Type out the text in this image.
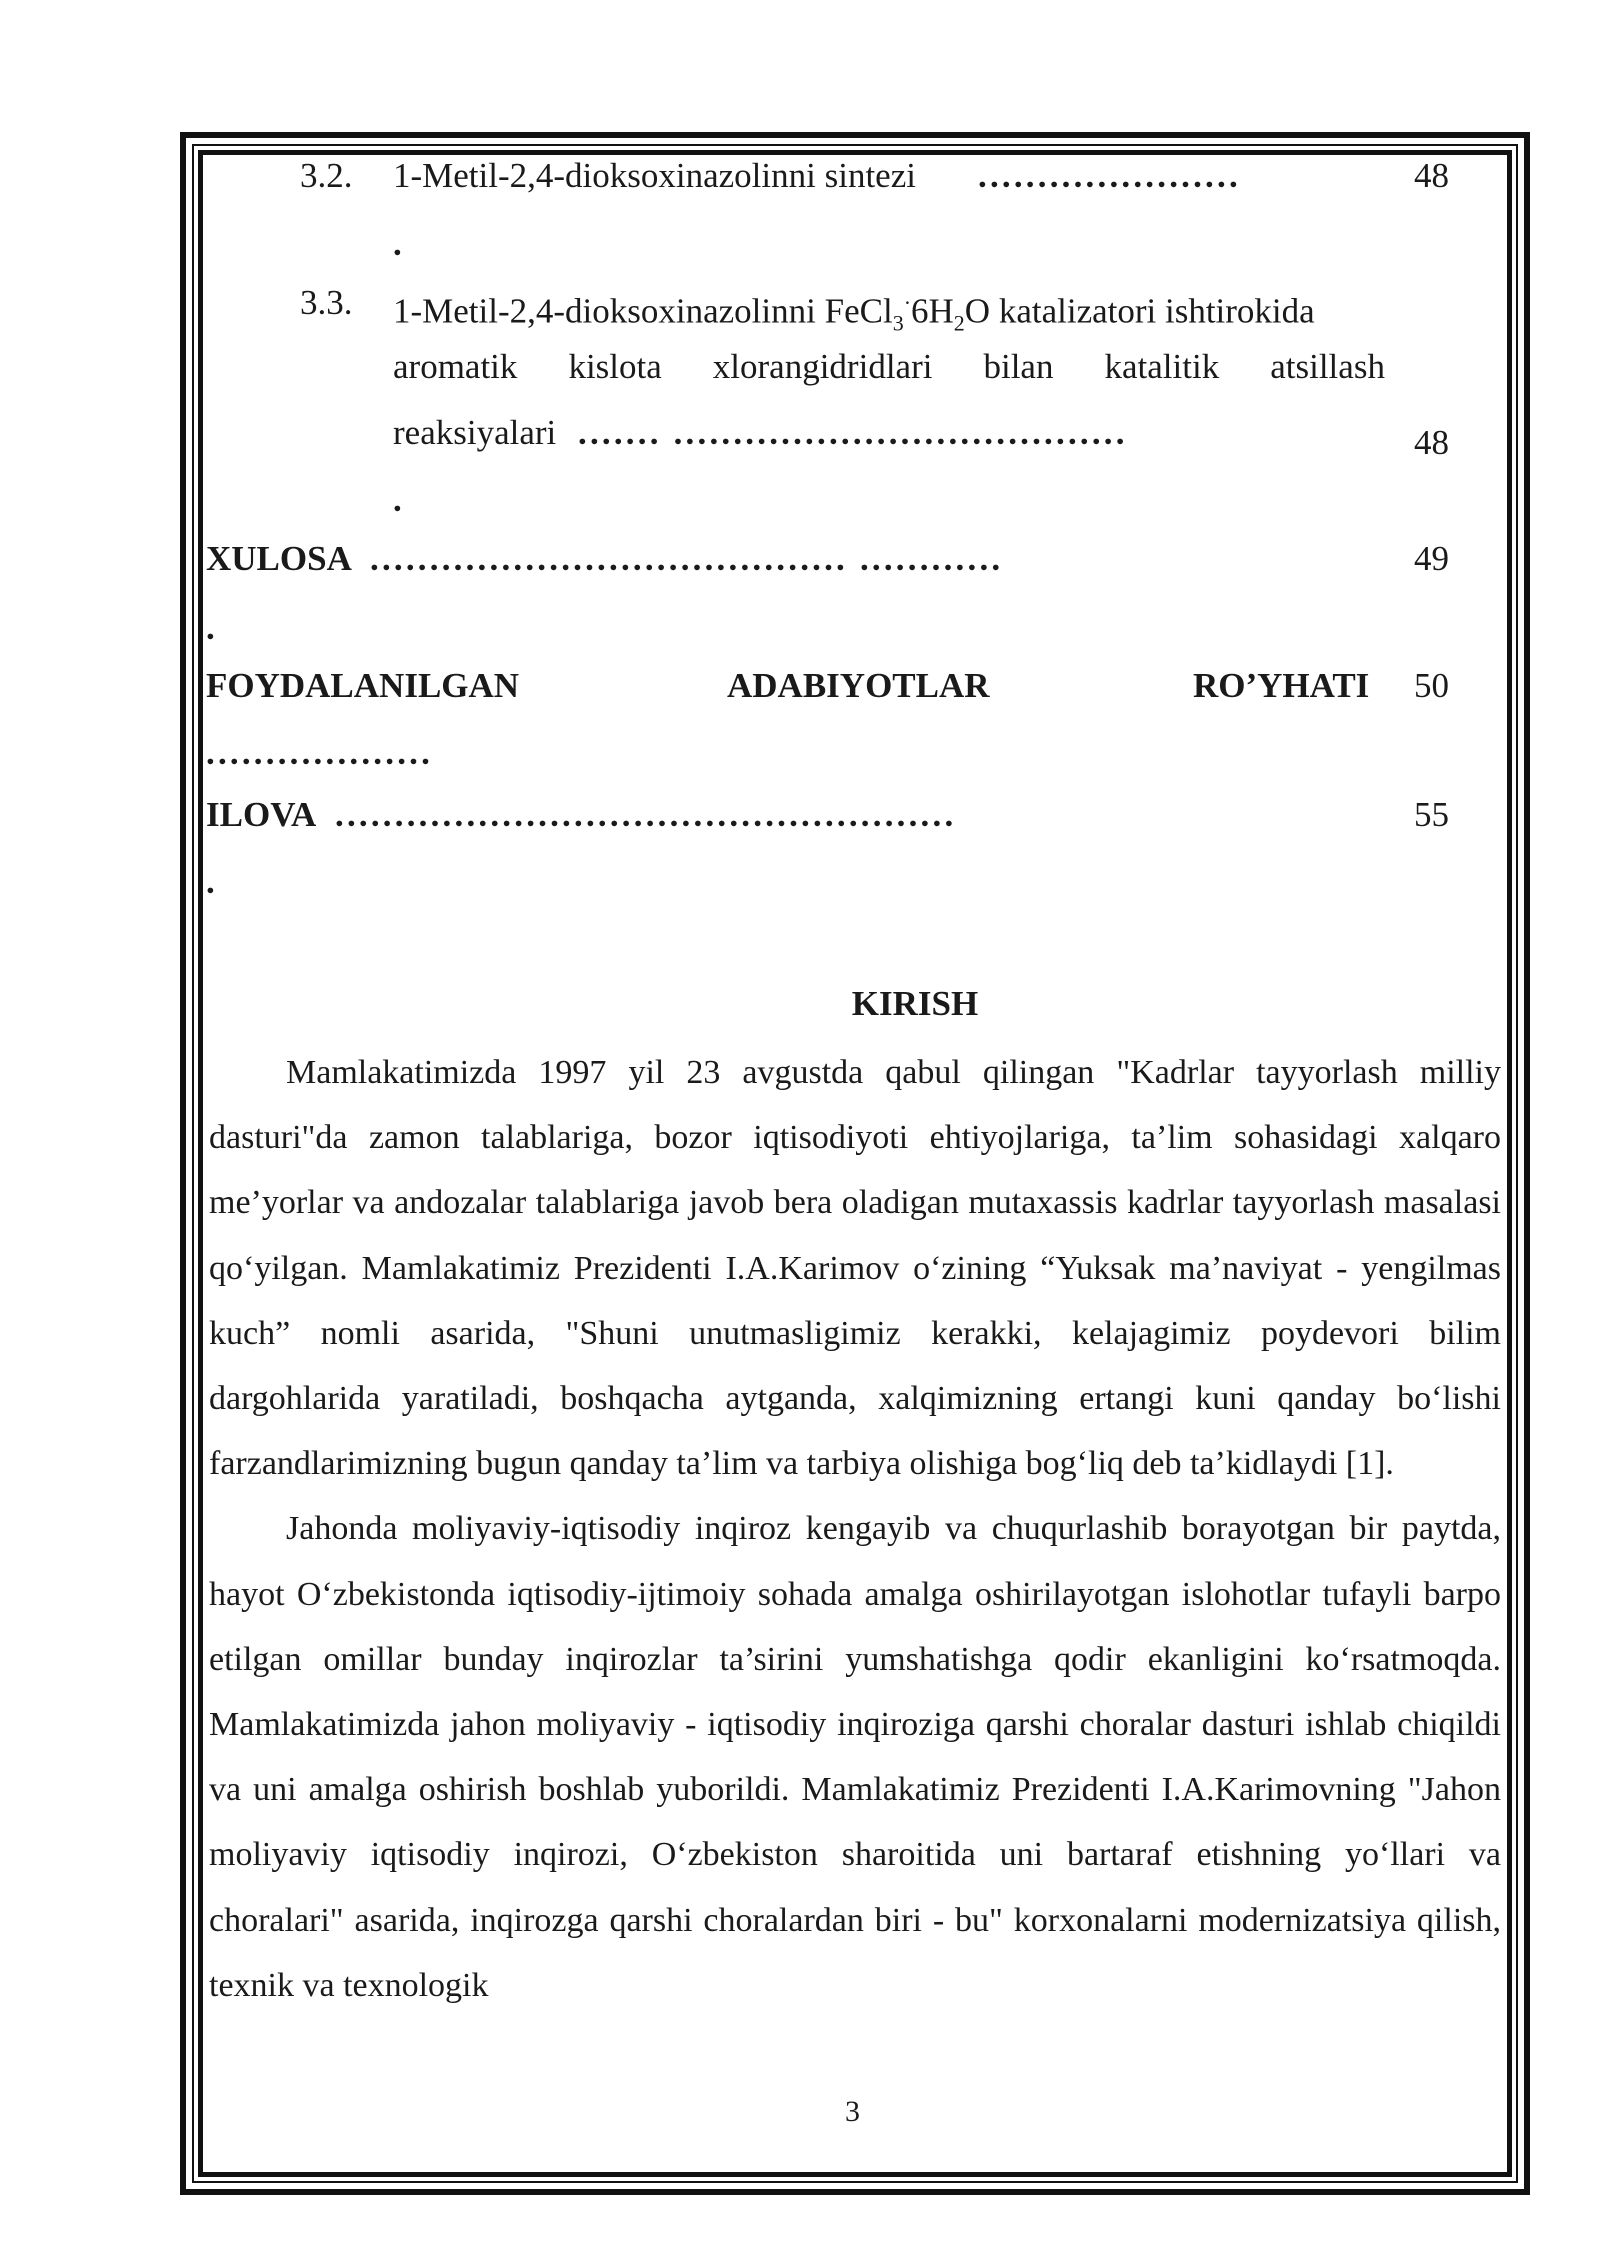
3.2. 1-Metil-2,4-dioksoxinazolinni sintezi ......................
.
48
3.3. 1-Metil-2,4-dioksoxinazolinni $FeCl_3^\cdot 6H_2O$ katalizatori ishtirokida
aromatik kislota xlorangidridlari bilan katalitik atsillash
reaksiyalari ....... ......................................
.
48
XULOSA ........................................ ............
.
49
FOYDALANILGAN	ADABIYOTLAR	RO’YHATI
...................
50
ILOVA ....................................................
.
55
KIRISH

Mamlakatimizda 1997 yil 23 avgustda qabul qilingan "Kadrlar tayyorlash milliy dasturi"da zamon talablariga, bozor iqtisodiyoti ehtiyojlariga, ta’lim sohasidagi xalqaro me’yorlar va andozalar talablariga javob bera oladigan mutaxassis kadrlar tayyorlash masalasi qo‘yilgan. Mamlakatimiz Prezidenti I.A.Karimov o‘zining “Yuksak ma’naviyat - yengilmas kuch” nomli asarida, "Shuni unutmasligimiz kerakki, kelajagimiz poydevori bilim dargohlarida yaratiladi, boshqacha aytganda, xalqimizning ertangi kuni qanday bo‘lishi farzandlarimizning bugun qanday ta’lim va tarbiya olishiga bog‘liq deb ta’kidlaydi [1].

Jahonda moliyaviy-iqtisodiy inqiroz kengayib va chuqurlashib borayotgan bir paytda, hayot O‘zbekistonda iqtisodiy-ijtimoiy sohada amalga oshirilayotgan islohotlar tufayli barpo etilgan omillar bunday inqirozlar ta’sirini yumshatishga qodir ekanligini ko‘rsatmoqda. Mamlakatimizda jahon moliyaviy - iqtisodiy inqiroziga qarshi choralar dasturi ishlab chiqildi va uni amalga oshirish boshlab yuborildi. Mamlakatimiz Prezidenti I.A.Karimovning "Jahon moliyaviy iqtisodiy inqirozi, O‘zbekiston sharoitida uni bartaraf etishning yo‘llari va choralari" asarida, inqirozga qarshi choralardan biri - bu" korxonalarni modernizatsiya qilish, texnik va texnologik

3
